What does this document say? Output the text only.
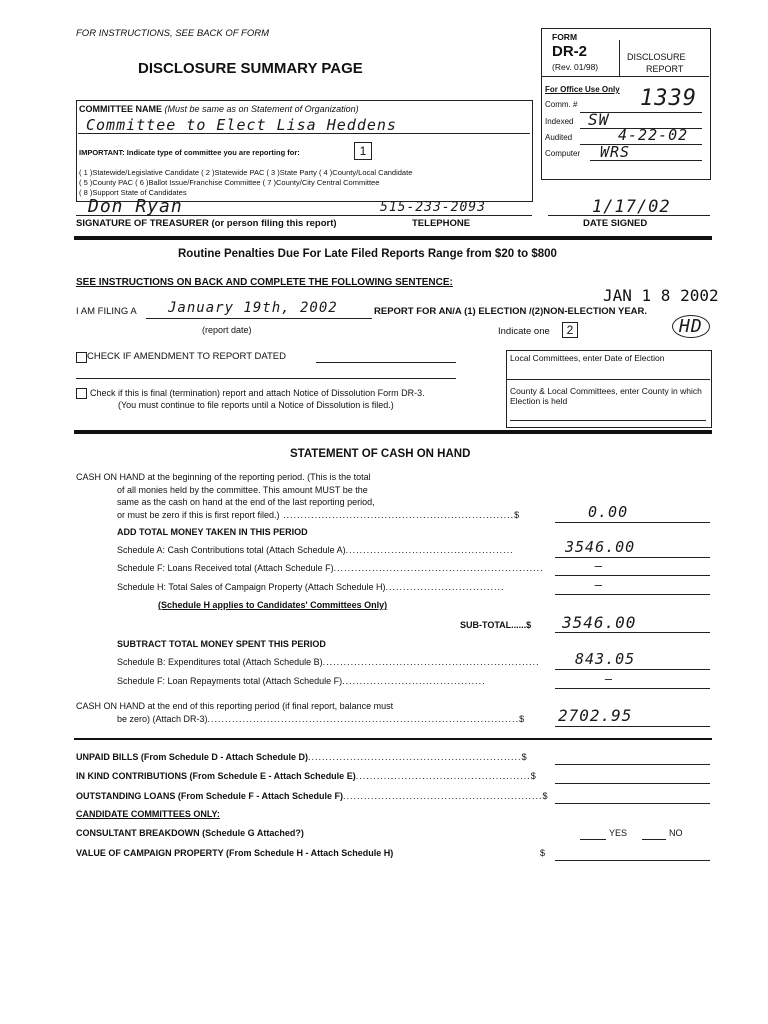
FOR INSTRUCTIONS, SEE BACK OF FORM
DISCLOSURE SUMMARY PAGE
FORM
DR-2
(Rev. 01/98)
DISCLOSURE
REPORT
For Office Use Only
Comm. #	1339
Indexed SW
Audited	4-22-02
Computer WRS
COMMITTEE NAME (Must be same as on Statement of Organization)
Committee to Elect Lisa Heddens
IMPORTANT: Indicate type of committee you are reporting for:	1
( 1 )Statewide/Legislative Candidate ( 2 )Statewide PAC ( 3 )State Party ( 4 )County/Local Candidate
( 5 )County PAC ( 6 )Ballot Issue/Franchise Committee ( 7 )County/City Central Committee
( 8 )Support State of Candidates
Don Ryan	515-233-2093	1/17/02
SIGNATURE OF TREASURER (or person filing this report)	TELEPHONE	DATE SIGNED
Routine Penalties Due For Late Filed Reports Range from $20 to $800
SEE INSTRUCTIONS ON BACK AND COMPLETE THE FOLLOWING SENTENCE:
JAN 1 8 2002
I AM FILING A January 19th, 2002	REPORT FOR AN/A (1) ELECTION /(2)NON-ELECTION YEAR.
(report date)	Indicate one	2	HD
CHECK IF AMENDMENT TO REPORT DATED
Check if this is final (termination) report and attach Notice of Dissolution Form DR-3.
(You must continue to file reports until a Notice of Dissolution is filed.)
Local Committees, enter Date of Election
County & Local Committees, enter County in which Election is held
STATEMENT OF CASH ON HAND
CASH ON HAND at the beginning of the reporting period. (This is the total
of all monies held by the committee. This amount MUST be the
same as the cash on hand at the end of the last reporting period,
or must be zero if this is first report filed.) ..................................................................$	0.00
ADD TOTAL MONEY TAKEN IN THIS PERIOD
Schedule A: Cash Contributions total (Attach Schedule A)................................................	3546.00
Schedule F: Loans Received total (Attach Schedule F)............................................................	—
Schedule H: Total Sales of Campaign Property (Attach Schedule H)..................................	—
(Schedule H applies to Candidates' Committees Only)
SUB-TOTAL......$ 3546.00
SUBTRACT TOTAL MONEY SPENT THIS PERIOD
Schedule B: Expenditures total (Attach Schedule B).............................................................. 843.05
Schedule F: Loan Repayments total (Attach Schedule F).........................................	—
CASH ON HAND at the end of this reporting period (if final report, balance must
be zero) (Attach DR-3).........................................................................................$ 2702.95
UNPAID BILLS (From Schedule D - Attach Schedule D).............................................................$
IN KIND CONTRIBUTIONS (From Schedule E - Attach Schedule E)..................................................$
OUTSTANDING LOANS (From Schedule F - Attach Schedule F).........................................................$
CANDIDATE COMMITTEES ONLY:
CONSULTANT BREAKDOWN (Schedule G Attached?)	YES	NO
VALUE OF CAMPAIGN PROPERTY (From Schedule H - Attach Schedule H)	$
